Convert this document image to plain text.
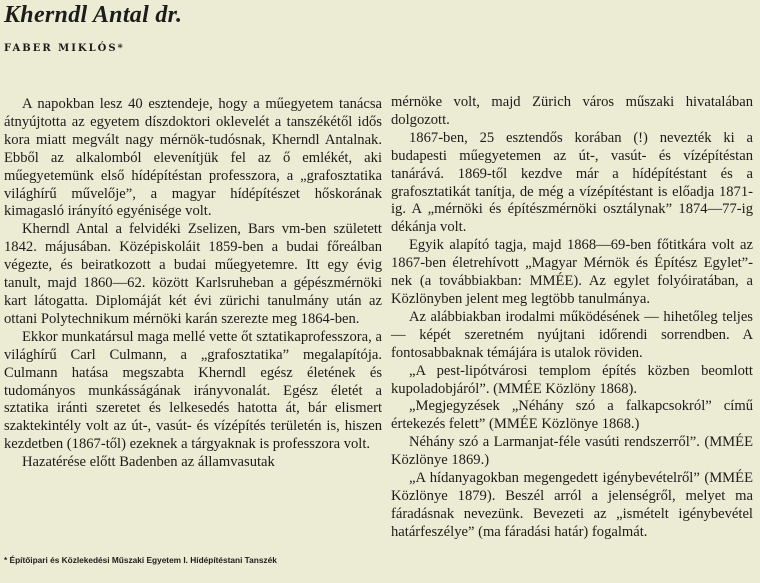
Kherndl Antal dr.
FABER MIKLÓS*

A napokban lesz 40 esztendeje, hogy a műegyetem tanácsa átnyújtotta az egyetem díszdoktori oklevelét a tanszékétől idős kora miatt megvált nagy mérnök-tudósnak, Kherndl Antalnak. Ebből az alkalomból elevenítjük fel az ő emlékét, aki műegyetemünk első hídépítéstan professzora, a „grafosztatika világhírű művelője”, a magyar hídépítészet hőskorának kimagasló irányító egyénisége volt.

Kherndl Antal a felvidéki Zselizen, Bars vm-ben született 1842. májusában. Középiskoláit 1859-ben a budai főreálban végezte, és beiratkozott a budai műegyetemre. Itt egy évig tanult, majd 1860—62. között Karlsruheban a gépészmérnöki kart látogatta. Diplomáját két évi zürichi tanulmány után az ottani Polytechnikum mérnöki karán szerezte meg 1864-ben.

Ekkor munkatársul maga mellé vette őt sztatikaprofesszora, a világhírű Carl Culmann, a „grafosztatika” megalapítója. Culmann hatása megszabta Kherndl egész életének és tudományos munkásságának irányvonalát. Egész életét a sztatika iránti szeretet és lelkesedés hatotta át, bár elismert szaktekintély volt az út-, vasút- és vízépítés területén is, hiszen kezdetben (1867-től) ezeknek a tárgyaknak is professzora volt.

Hazatérése előtt Badenben az államvasutak

* Építőipari és Közlekedési Műszaki Egyetem I. Hídépítéstani Tanszék

mérnöke volt, majd Zürich város műszaki hivatalában dolgozott.

1867-ben, 25 esztendős korában (!) nevezték ki a budapesti műegyetemen az út-, vasút- és vízépítéstan tanárává. 1869-től kezdve már a hídépítéstant és a grafosztatikát tanítja, de még a vízépítéstant is előadja 1871-ig. A „mérnöki és építészmérnöki osztálynak” 1874—77-ig dékánja volt.

Egyik alapító tagja, majd 1868—69-ben főtitkára volt az 1867-ben életrehívott „Magyar Mérnök és Építész Egylet”-nek (a továbbiakban: MMÉE). Az egylet folyóiratában, a Közlönyben jelent meg legtöbb tanulmánya.

Az alábbiakban irodalmi működésének — hihetőleg teljes — képét szeretném nyújtani időrendi sorrendben. A fontosabbaknak témájára is utalok röviden.

„A pest-lipótvárosi templom építés közben beomlott kupoladobjáról”. (MMÉE Közlöny 1868).

„Megjegyzések „Néhány szó a falkapcsokról” című értekezés felett” (MMÉE Közlönye 1868.)

Néhány szó a Larmanjat-féle vasúti rendszerről”. (MMÉE Közlönye 1869.)

„A hídanyagokban megengedett igénybevételről” (MMÉE Közlönye 1879). Beszél arról a jelenségről, melyet ma fáradásnak nevezünk. Bevezeti az „ismételt igénybevétel határfeszélye” (ma fáradási határ) fogalmát.
